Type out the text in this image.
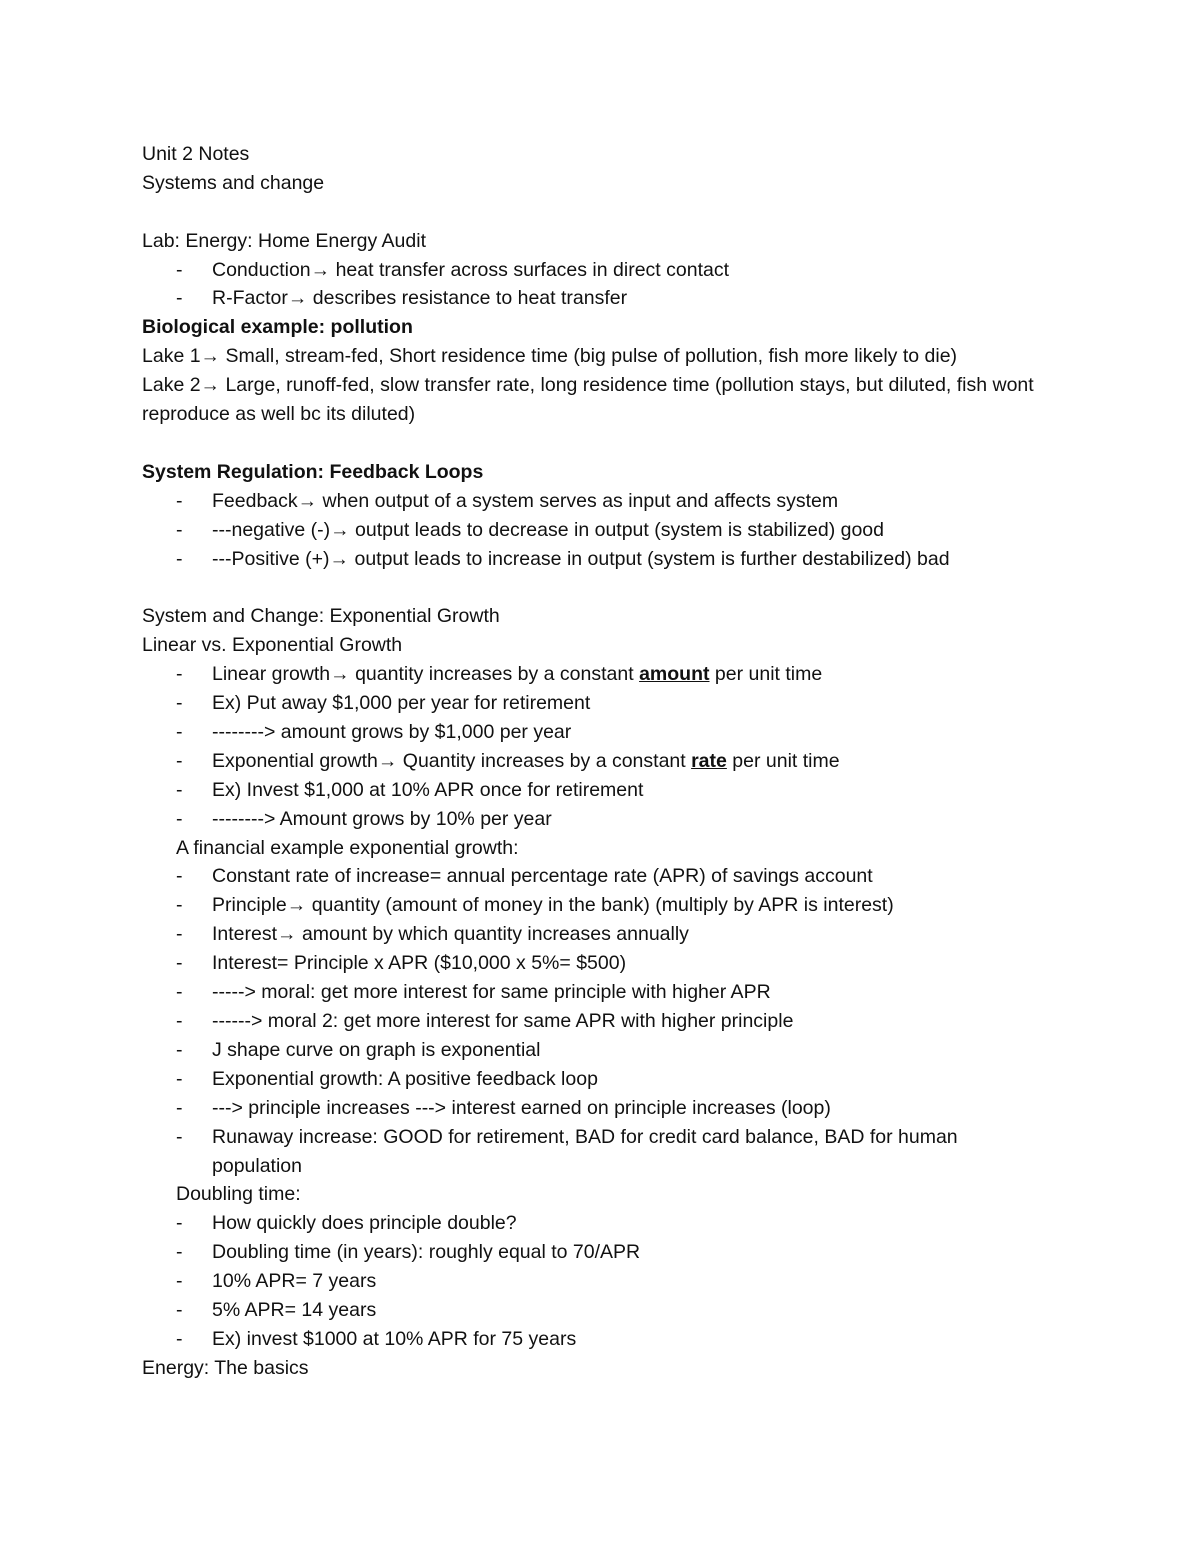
Unit 2 Notes
Systems and change
Lab: Energy: Home Energy Audit
- Conduction→ heat transfer across surfaces in direct contact
- R-Factor→ describes resistance to heat transfer
Biological example: pollution
Lake 1→ Small, stream-fed, Short residence time (big pulse of pollution, fish more likely to die)
Lake 2→ Large, runoff-fed, slow transfer rate, long residence time (pollution stays, but diluted, fish wont reproduce as well bc its diluted)
System Regulation: Feedback Loops
- Feedback→ when output of a system serves as input and affects system
- ---negative (-)→ output leads to decrease in output (system is stabilized) good
- ---Positive (+)→ output leads to increase in output (system is further destabilized) bad
System and Change: Exponential Growth
Linear vs. Exponential Growth
- Linear growth→ quantity increases by a constant amount per unit time
- Ex) Put away $1,000 per year for retirement
- --------> amount grows by $1,000 per year
- Exponential growth→ Quantity increases by a constant rate per unit time
- Ex) Invest $1,000 at 10% APR once for retirement
- --------> Amount grows by 10% per year
A financial example exponential growth:
- Constant rate of increase= annual percentage rate (APR) of savings account
- Principle→ quantity (amount of money in the bank) (multiply by APR is interest)
- Interest→ amount by which quantity increases annually
- Interest= Principle x APR ($10,000 x 5%= $500)
- -----> moral: get more interest for same principle with higher APR
- ------> moral 2: get more interest for same APR with higher principle
- J shape curve on graph is exponential
- Exponential growth: A positive feedback loop
- ---> principle increases ---> interest earned on principle increases (loop)
- Runaway increase: GOOD for retirement, BAD for credit card balance, BAD for human population
Doubling time:
- How quickly does principle double?
- Doubling time (in years): roughly equal to 70/APR
- 10% APR= 7 years
- 5% APR= 14 years
- Ex) invest $1000 at 10% APR for 75 years
Energy: The basics
